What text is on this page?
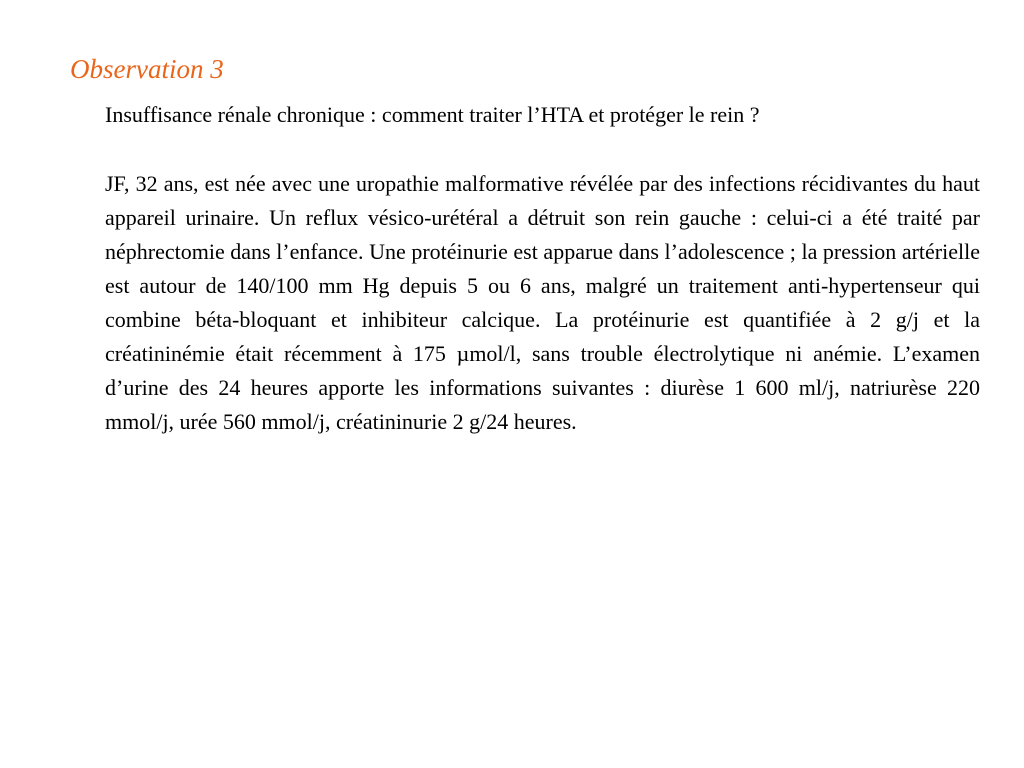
Observation 3

Insuffisance rénale chronique : comment traiter l’HTA et protéger le rein ?

JF, 32 ans, est née avec une uropathie malformative révélée par des infections récidivantes du haut appareil urinaire. Un reflux vésico-urétéral a détruit son rein gauche : celui-ci a été traité par néphrectomie dans l’enfance. Une protéinurie est apparue dans l’adolescence ; la pression artérielle est autour de 140/100 mm Hg depuis 5 ou 6 ans, malgré un traitement anti-hypertenseur qui combine béta-bloquant et inhibiteur calcique. La protéinurie est quantifiée à 2 g/j et la créatininémie était récemment à 175 µmol/l, sans trouble électrolytique ni anémie. L’examen d’urine des 24 heures apporte les informations suivantes : diurèse 1 600 ml/j, natriurèse 220 mmol/j, urée 560 mmol/j, créatininurie 2 g/24 heures.
